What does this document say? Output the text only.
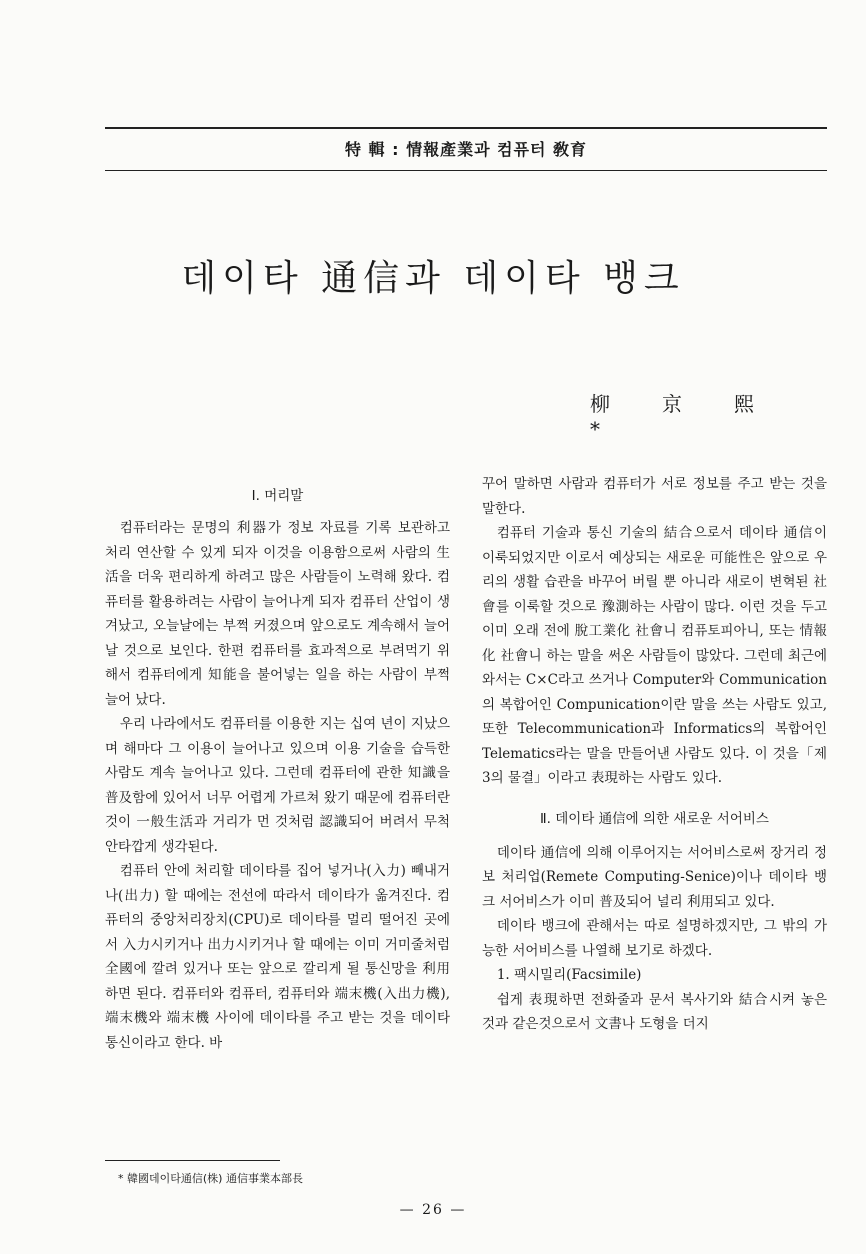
特 輯 : 情報產業과 컴퓨터 敎育
데이타 通信과 데이타 뱅크
柳京熙*
Ⅰ. 머리말

컴퓨터라는 문명의 利器가 정보 자료를 기록 보관하고 처리 연산할 수 있게 되자 이것을 이용함으로써 사람의 生活을 더욱 편리하게 하려고 많은 사람들이 노력해 왔다. 컴퓨터를 활용하려는 사람이 늘어나게 되자 컴퓨터 산업이 생겨났고, 오늘날에는 부쩍 커졌으며 앞으로도 계속해서 늘어날 것으로 보인다. 한편 컴퓨터를 효과적으로 부려먹기 위해서 컴퓨터에게 知能을 불어넣는 일을 하는 사람이 부쩍 늘어 났다.

우리 나라에서도 컴퓨터를 이용한 지는 십여 년이 지났으며 해마다 그 이용이 늘어나고 있으며 이용 기술을 습득한 사람도 계속 늘어나고 있다. 그런데 컴퓨터에 관한 知識을 普及함에 있어서 너무 어렵게 가르쳐 왔기 때문에 컴퓨터란 것이 一般生活과 거리가 먼 것처럼 認識되어 버려서 무척 안타깝게 생각된다.

컴퓨터 안에 처리할 데이타를 집어 넣거나(入力) 빼내거나(出力) 할 때에는 전선에 따라서 데이타가 옮겨진다. 컴퓨터의 중앙처리장치(CPU)로 데이타를 멀리 떨어진 곳에서 入力시키거나 出力시키거나 할 때에는 이미 거미줄처럼 全國에 깔려 있거나 또는 앞으로 깔리게 될 통신망을 利用하면 된다. 컴퓨터와 컴퓨터, 컴퓨터와 端末機(入出力機), 端末機와 端末機 사이에 데이타를 주고 받는 것을 데이타 통신이라고 한다. 바

꾸어 말하면 사람과 컴퓨터가 서로 정보를 주고 받는 것을 말한다.

컴퓨터 기술과 통신 기술의 結合으로서 데이타 通信이 이룩되었지만 이로서 예상되는 새로운 可能性은 앞으로 우리의 생활 습관을 바꾸어 버릴 뿐 아니라 새로이 변혁된 社會를 이룩할 것으로 豫測하는 사람이 많다. 이런 것을 두고 이미 오래 전에 脫工業化 社會니 컴퓨토피아니, 또는 情報化 社會니 하는 말을 써온 사람들이 많았다. 그런데 최근에 와서는 C×C라고 쓰거나 Computer와 Communication의 복합어인 Compunication이란 말을 쓰는 사람도 있고, 또한 Telecommunication과 Informatics의 복합어인 Telematics라는 말을 만들어낸 사람도 있다. 이 것을「제 3의 물결」이라고 表現하는 사람도 있다.

Ⅱ. 데이타 通信에 의한 새로운 서어비스

데이타 通信에 의해 이루어지는 서어비스로써 장거리 정보 처리업(Remete Computing-Senice)이나 데이타 뱅크 서어비스가 이미 普及되어 널리 利用되고 있다.

데이타 뱅크에 관해서는 따로 설명하겠지만, 그 밖의 가능한 서어비스를 나열해 보기로 하겠다.

1. 팩시밀리(Facsimile)

쉽게 表現하면 전화줄과 문서 복사기와 結合시켜 놓은 것과 같은것으로서 文書나 도형을 더지

* 韓國데이타通信(株) 通信事業本部長
— 26 —
